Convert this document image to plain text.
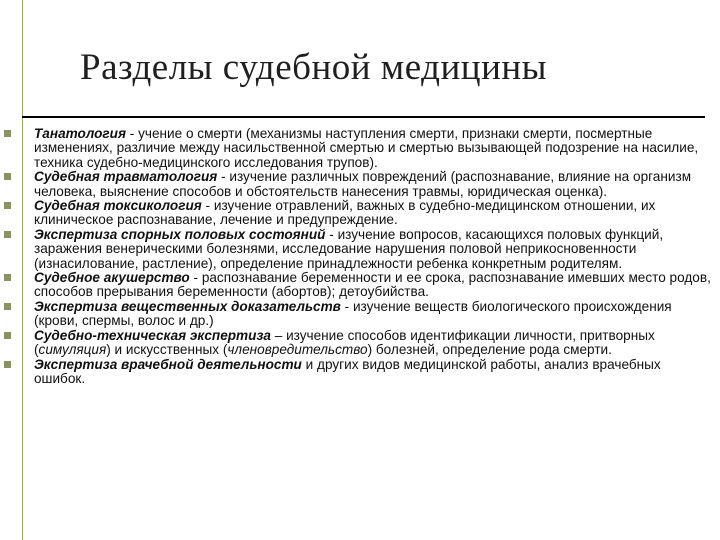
Разделы судебной медицины
Танатология - учение о смерти (механизмы наступления смерти, признаки смерти, посмертные изменениях, различие между насильственной смертью и смертью вызывающей подозрение на насилие, техника судебно-медицинского исследования трупов).
Судебная травматология - изучение различных повреждений (распознавание, влияние на организм человека, выяснение способов и обстоятельств нанесения травмы, юридическая оценка).
Судебная токсикология - изучение отравлений, важных в судебно-медицинском отношении, их клиническое распознавание, лечение и предупреждение.
Экспертиза спорных половых состояний - изучение вопросов, касающихся половых функций, заражения венерическими болезнями, исследование нарушения половой неприкосновенности (изнасилование, растление), определение принадлежности ребенка конкретным родителям.
Судебное акушерство - распознавание беременности и ее срока, распознавание имевших место родов, способов прерывания беременности (абортов); детоубийства.
Экспертиза вещественных доказательств - изучение веществ биологического происхождения (крови, спермы, волос и др.)
Судебно-техническая экспертиза – изучение способов идентификации личности, притворных (симуляция) и искусственных (членовредительство) болезней, определение рода смерти.
Экспертиза врачебной деятельности и других видов медицинской работы, анализ врачебных ошибок.
